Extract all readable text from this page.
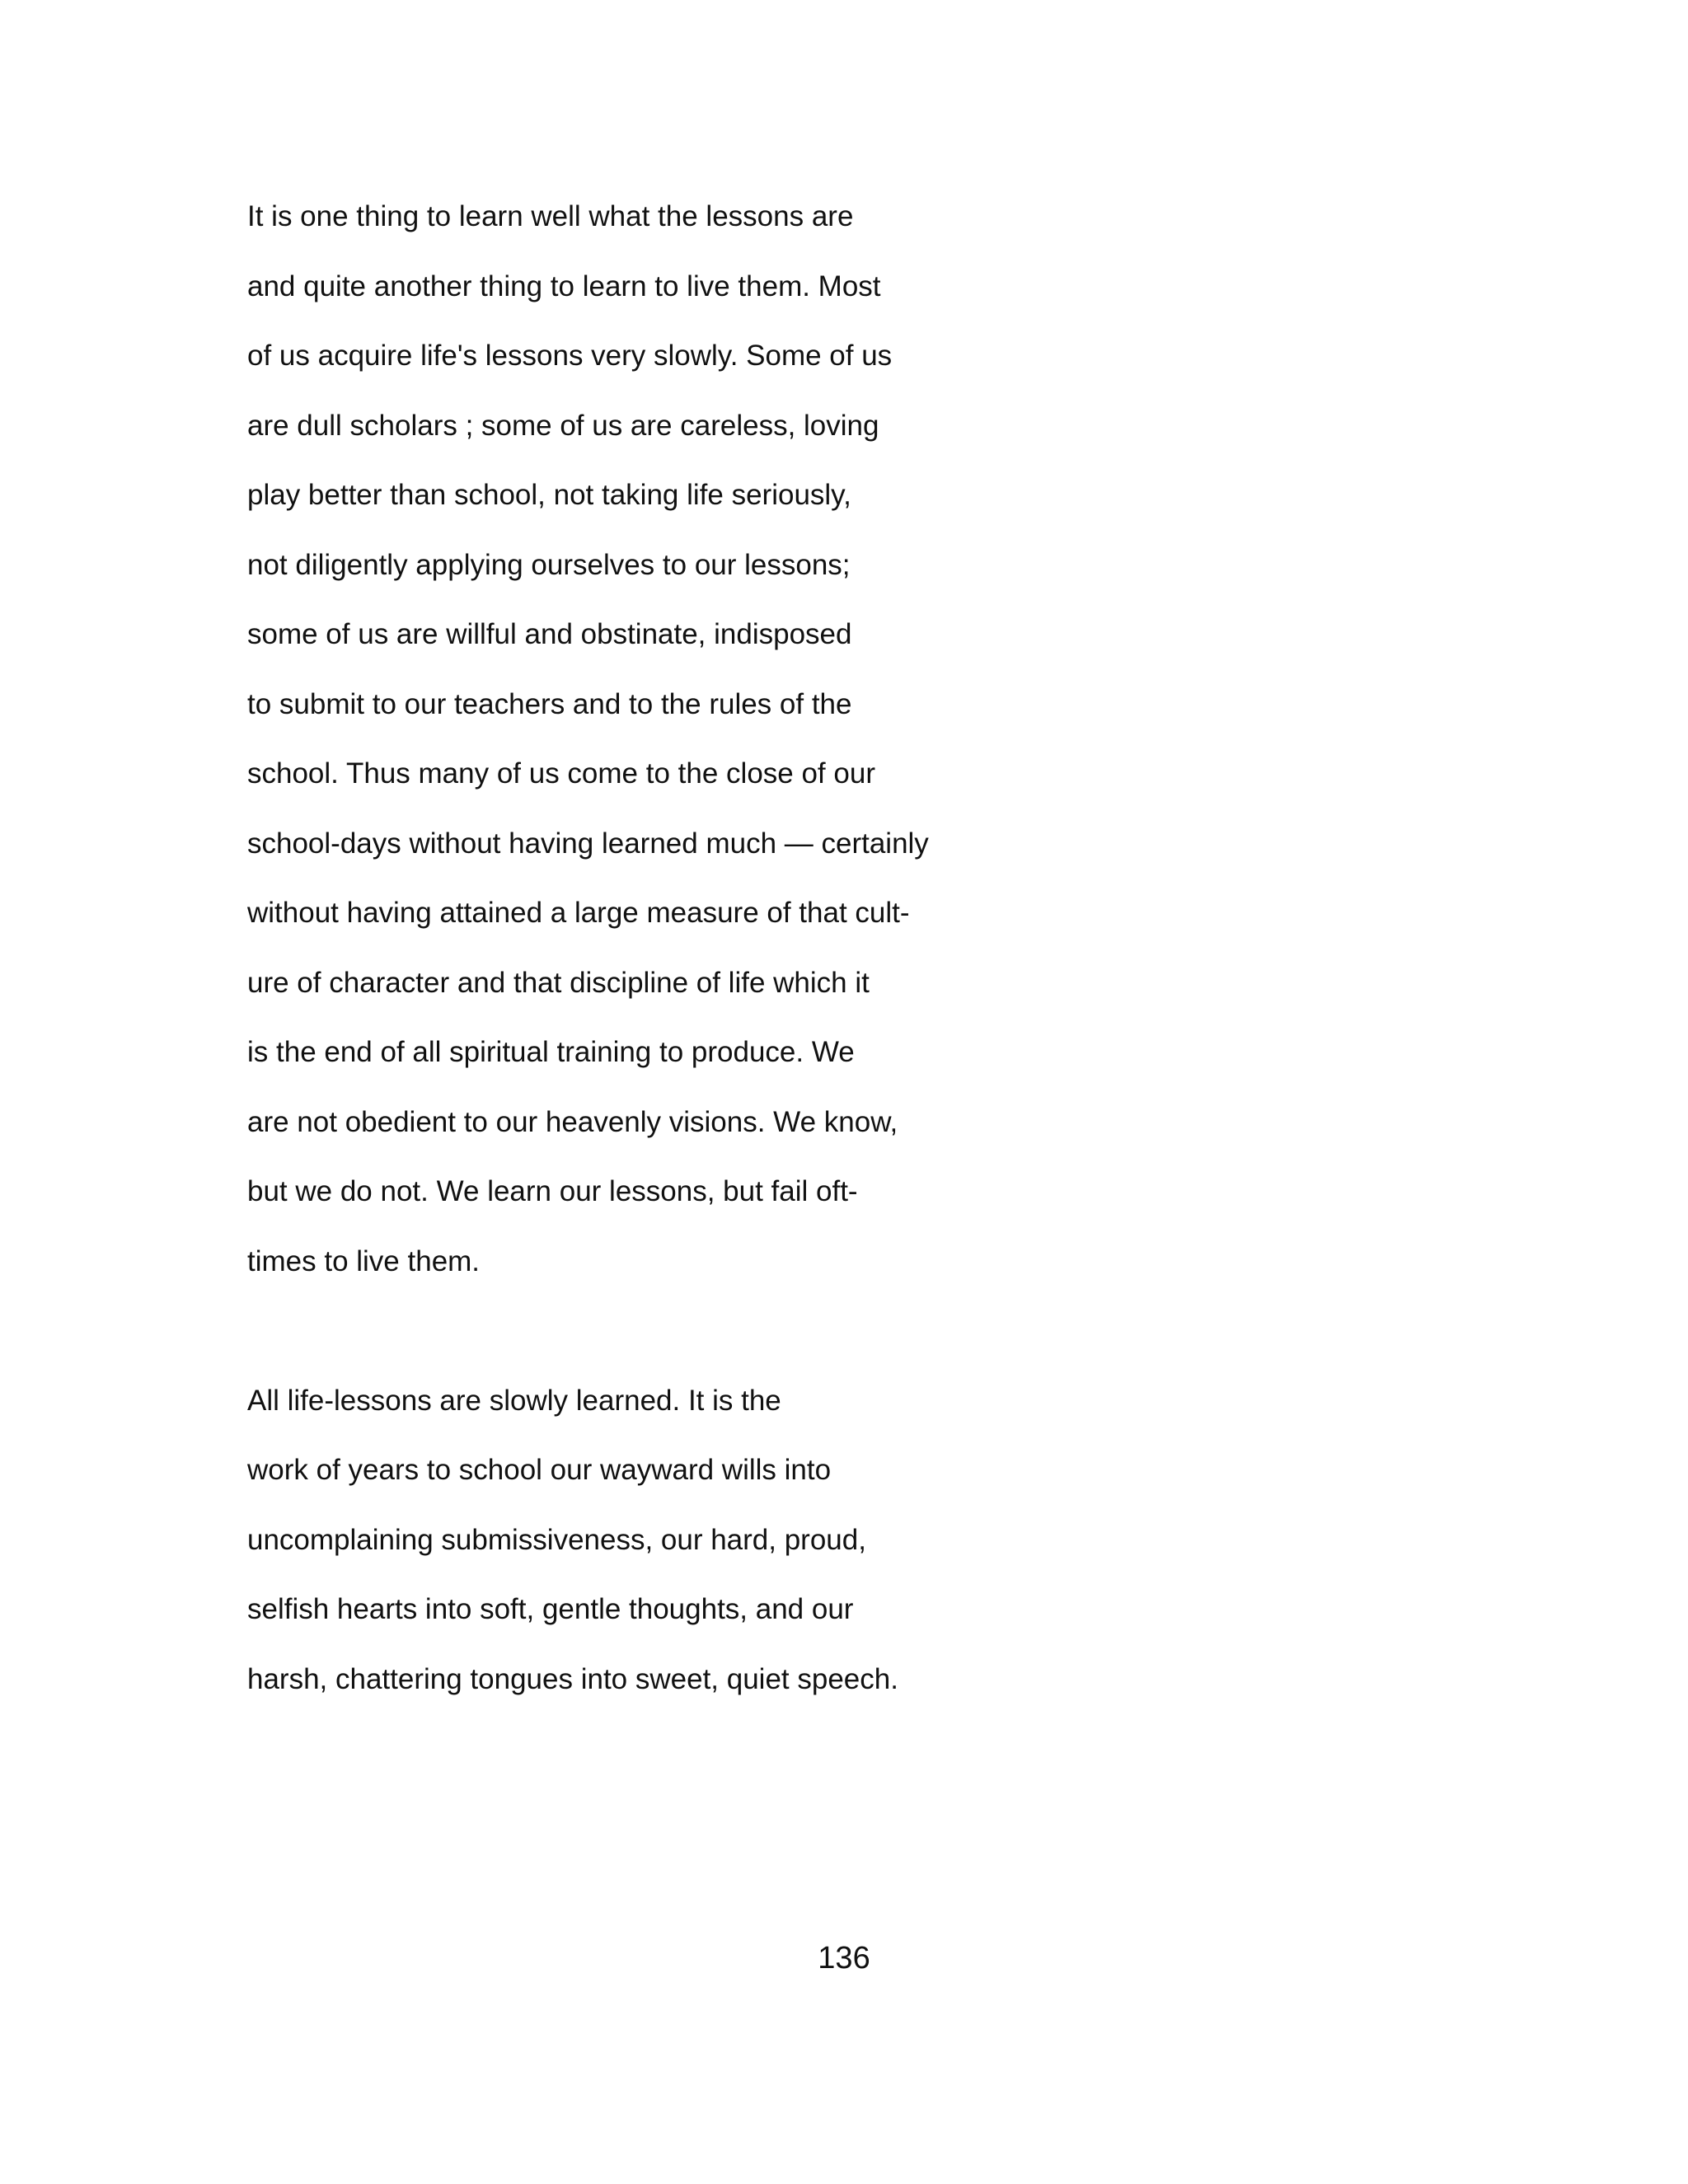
It is one thing to learn well what the lessons are
and quite another thing to learn to live them. Most
of us acquire life's lessons very slowly. Some of us
are dull scholars ; some of us are careless, loving
play better than school, not taking life seriously,
not diligently applying ourselves to our lessons;
some of us are willful and obstinate, indisposed
to submit to our teachers and to the rules of the
school. Thus many of us come to the close of our
school-days without having learned much — certainly
without having attained a large measure of that cult-
ure of character and that discipline of life which it
is the end of all spiritual training to produce. We
are not obedient to our heavenly visions. We know,
but we do not. We learn our lessons, but fail oft-
times to live them.
All life-lessons are slowly learned. It is the
work of years to school our wayward wills into
uncomplaining submissiveness, our hard, proud,
selfish hearts into soft, gentle thoughts, and our
harsh, chattering tongues into sweet, quiet speech.
136
